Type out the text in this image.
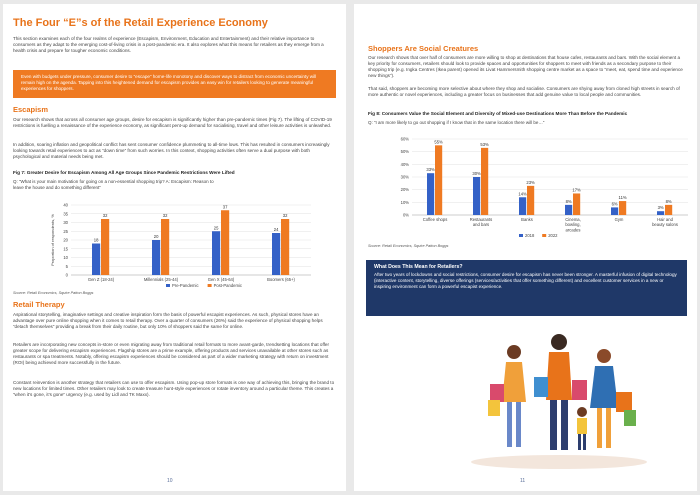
The Four “E”s of the Retail Experience Economy
This section examines each of the four realms of experience (Escapism, Environment, Education and Entertainment) and their relative importance to consumers as they adapt to the emerging cost-of-living crisis in a post-pandemic era. It also explores what this means for retailers as they emerge from a health crisis and prepare for tougher economic conditions.
Even with budgets under pressure, consumer desire to “escape” home-life monotony and discover ways to distract from economic uncertainty will remain high on the agenda. Tapping into this heightened demand for escapism provides an easy win for retailers looking to generate meaningful experiences for shoppers.
Escapism
Our research shows that across all consumer age groups, desire for escapism is significantly higher than pre-pandemic times (Fig 7). The lifting of COVID-19 restrictions is fuelling a renaissance of the experience economy, as significant pent-up demand for socialising, travel and other leisure activities is unleashed.
In addition, soaring inflation and geopolitical conflict has sent consumer confidence plummeting to all-time lows. This has resulted in consumers increasingly looking towards retail experiences to act as “down time” from such worries. In this context, shopping activities often serve a dual purpose with both psychological and material needs being met.
Fig 7: Greater Desire for Escapism Among All Age Groups Since Pandemic Restrictions Were Lifted
Q: “What is your main motivation for going on a non-essential shopping trip? A: Escapism: Reason to leave the house and do something different”
0
5
10
15
20
25
30
35
40
Proportion of respondents, %	18
32
Gen Z (18-24)
20
32
Millennials (25-44)
25
37
Gen X (45-64)
24
32
Boomers (65+)
Pre-Pandemic	Post-Pandemic
Source: Retail Economics, Squire Patton Boggs
Retail Therapy
Aspirational storytelling, imaginative settings and creative inspiration form the basis of powerful escapist experiences. As such, physical stores have an advantage over pure online shopping when it comes to retail therapy. Over a quarter of consumers (26%) said the experience of physical shopping helps “detach themselves” providing a break from their daily routine, but only 10% of shoppers said the same for online.
Retailers are incorporating new concepts in-store or even migrating away from traditional retail formats to more avant-garde, trendsetting locations that offer greater scope for delivering escapism experiences. Flagship stores are a prime example, offering products and services unavailable at other stores such as restaurants or spa treatments. Notably, offering escapism experiences should be considered as part of a wider marketing strategy with return on investment (ROI) being achieved more successfully in the future.
Constant reinvention is another strategy that retailers can use to offer escapism. Using pop-up store formats is one way of achieving this, bringing the brand to new locations for limited times. Other retailers may look to create treasure hunt-style experiences or rotate inventory around a particular theme. This creates a “when it’s gone, it’s gone” urgency (e.g. used by Lidl and TK Maxx).
10
Shoppers Are Social Creatures
Our research shows that over half of consumers are more willing to shop at destinations that house cafes, restaurants and bars. With the social element a key priority for consumers, retailers should look to provide spaces and opportunities for shoppers to meet with friends as a secondary purpose to their shopping trip (e.g. Ingka Centres (Ikea parent) opened its Livat Hammersmith shopping centre market as a space to “meet, eat, spend time and experience new things”).
That said, shoppers are becoming more selective about where they shop and socialise. Consumers are shying away from cloned high streets in search of more authentic or novel experiences, including a greater focus on businesses that add genuine value to local people and communities.
Fig 8: Consumers Value the Social Element and Diversity of Mixed-use Destinations More Than Before the Pandemic
Q: “I am more likely to go out shopping if I know that in the same location there will be…”
0%
10%
20%
30%
40%
50%
60%
33%
55%
Coffee shops
30%
53%
Restaurants and bars
14%
23%
Banks
8%
17%
Cinema, bowling, arcades
6%
11%
Gym
3%
8%
Hair and beauty salons
2018	2022
Source: Retail Economics, Squire Patton Boggs
What Does This Mean for Retailers?
After two years of lockdowns and social restrictions, consumer desire for escapism has never been stronger. A masterful infusion of digital technology (interactive content, storytelling, diverse offerings (services/activities that offer something different) and excellent customer services in a new or inspiring environment can form a powerful escapist experience.
11
